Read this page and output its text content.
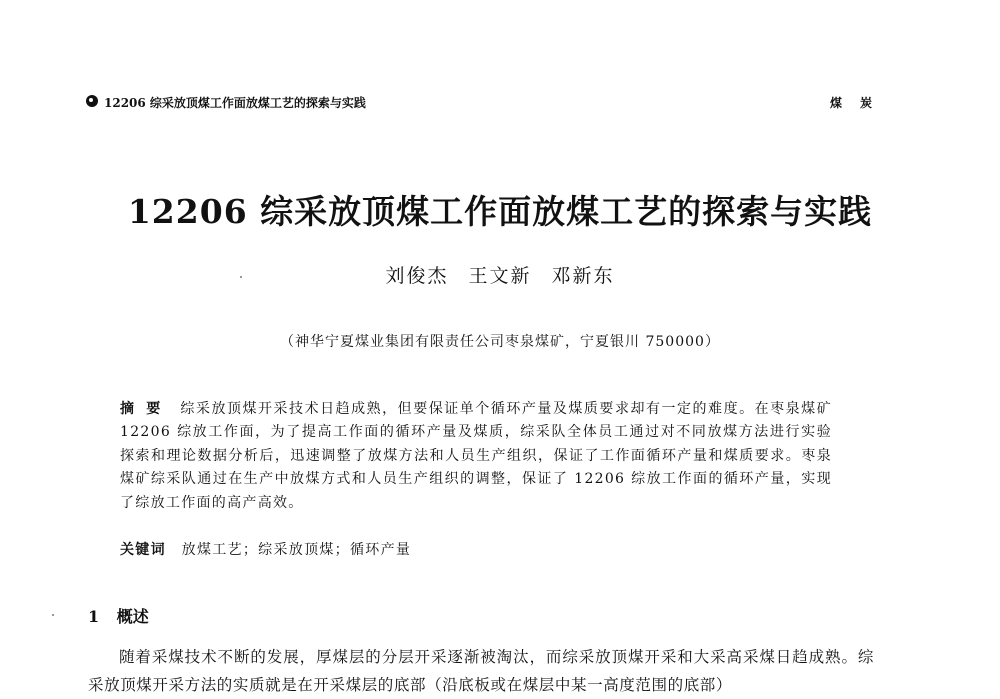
12206 综采放顶煤工作面放煤工艺的探索与实践	煤炭
12206 综采放顶煤工作面放煤工艺的探索与实践
刘俊杰 王文新 邓新东
（神华宁夏煤业集团有限责任公司枣泉煤矿，宁夏银川 750000）
摘要 综采放顶煤开采技术日趋成熟，但要保证单个循环产量及煤质要求却有一定的难度。在枣泉煤矿 12206 综放工作面，为了提高工作面的循环产量及煤质，综采队全体员工通过对不同放煤方法进行实验探索和理论数据分析后，迅速调整了放煤方法和人员生产组织，保证了工作面循环产量和煤质要求。枣泉煤矿综采队通过在生产中放煤方式和人员生产组织的调整，保证了 12206 综放工作面的循环产量，实现了综放工作面的高产高效。
关键词 放煤工艺；综采放顶煤；循环产量
1 概述
随着采煤技术不断的发展，厚煤层的分层开采逐渐被淘汰，而综采放顶煤开采和大采高采煤日趋成熟。综采放顶煤开采方法的实质就是在开采煤层的底部（沿底板或在煤层中某一高度范围的底部）
